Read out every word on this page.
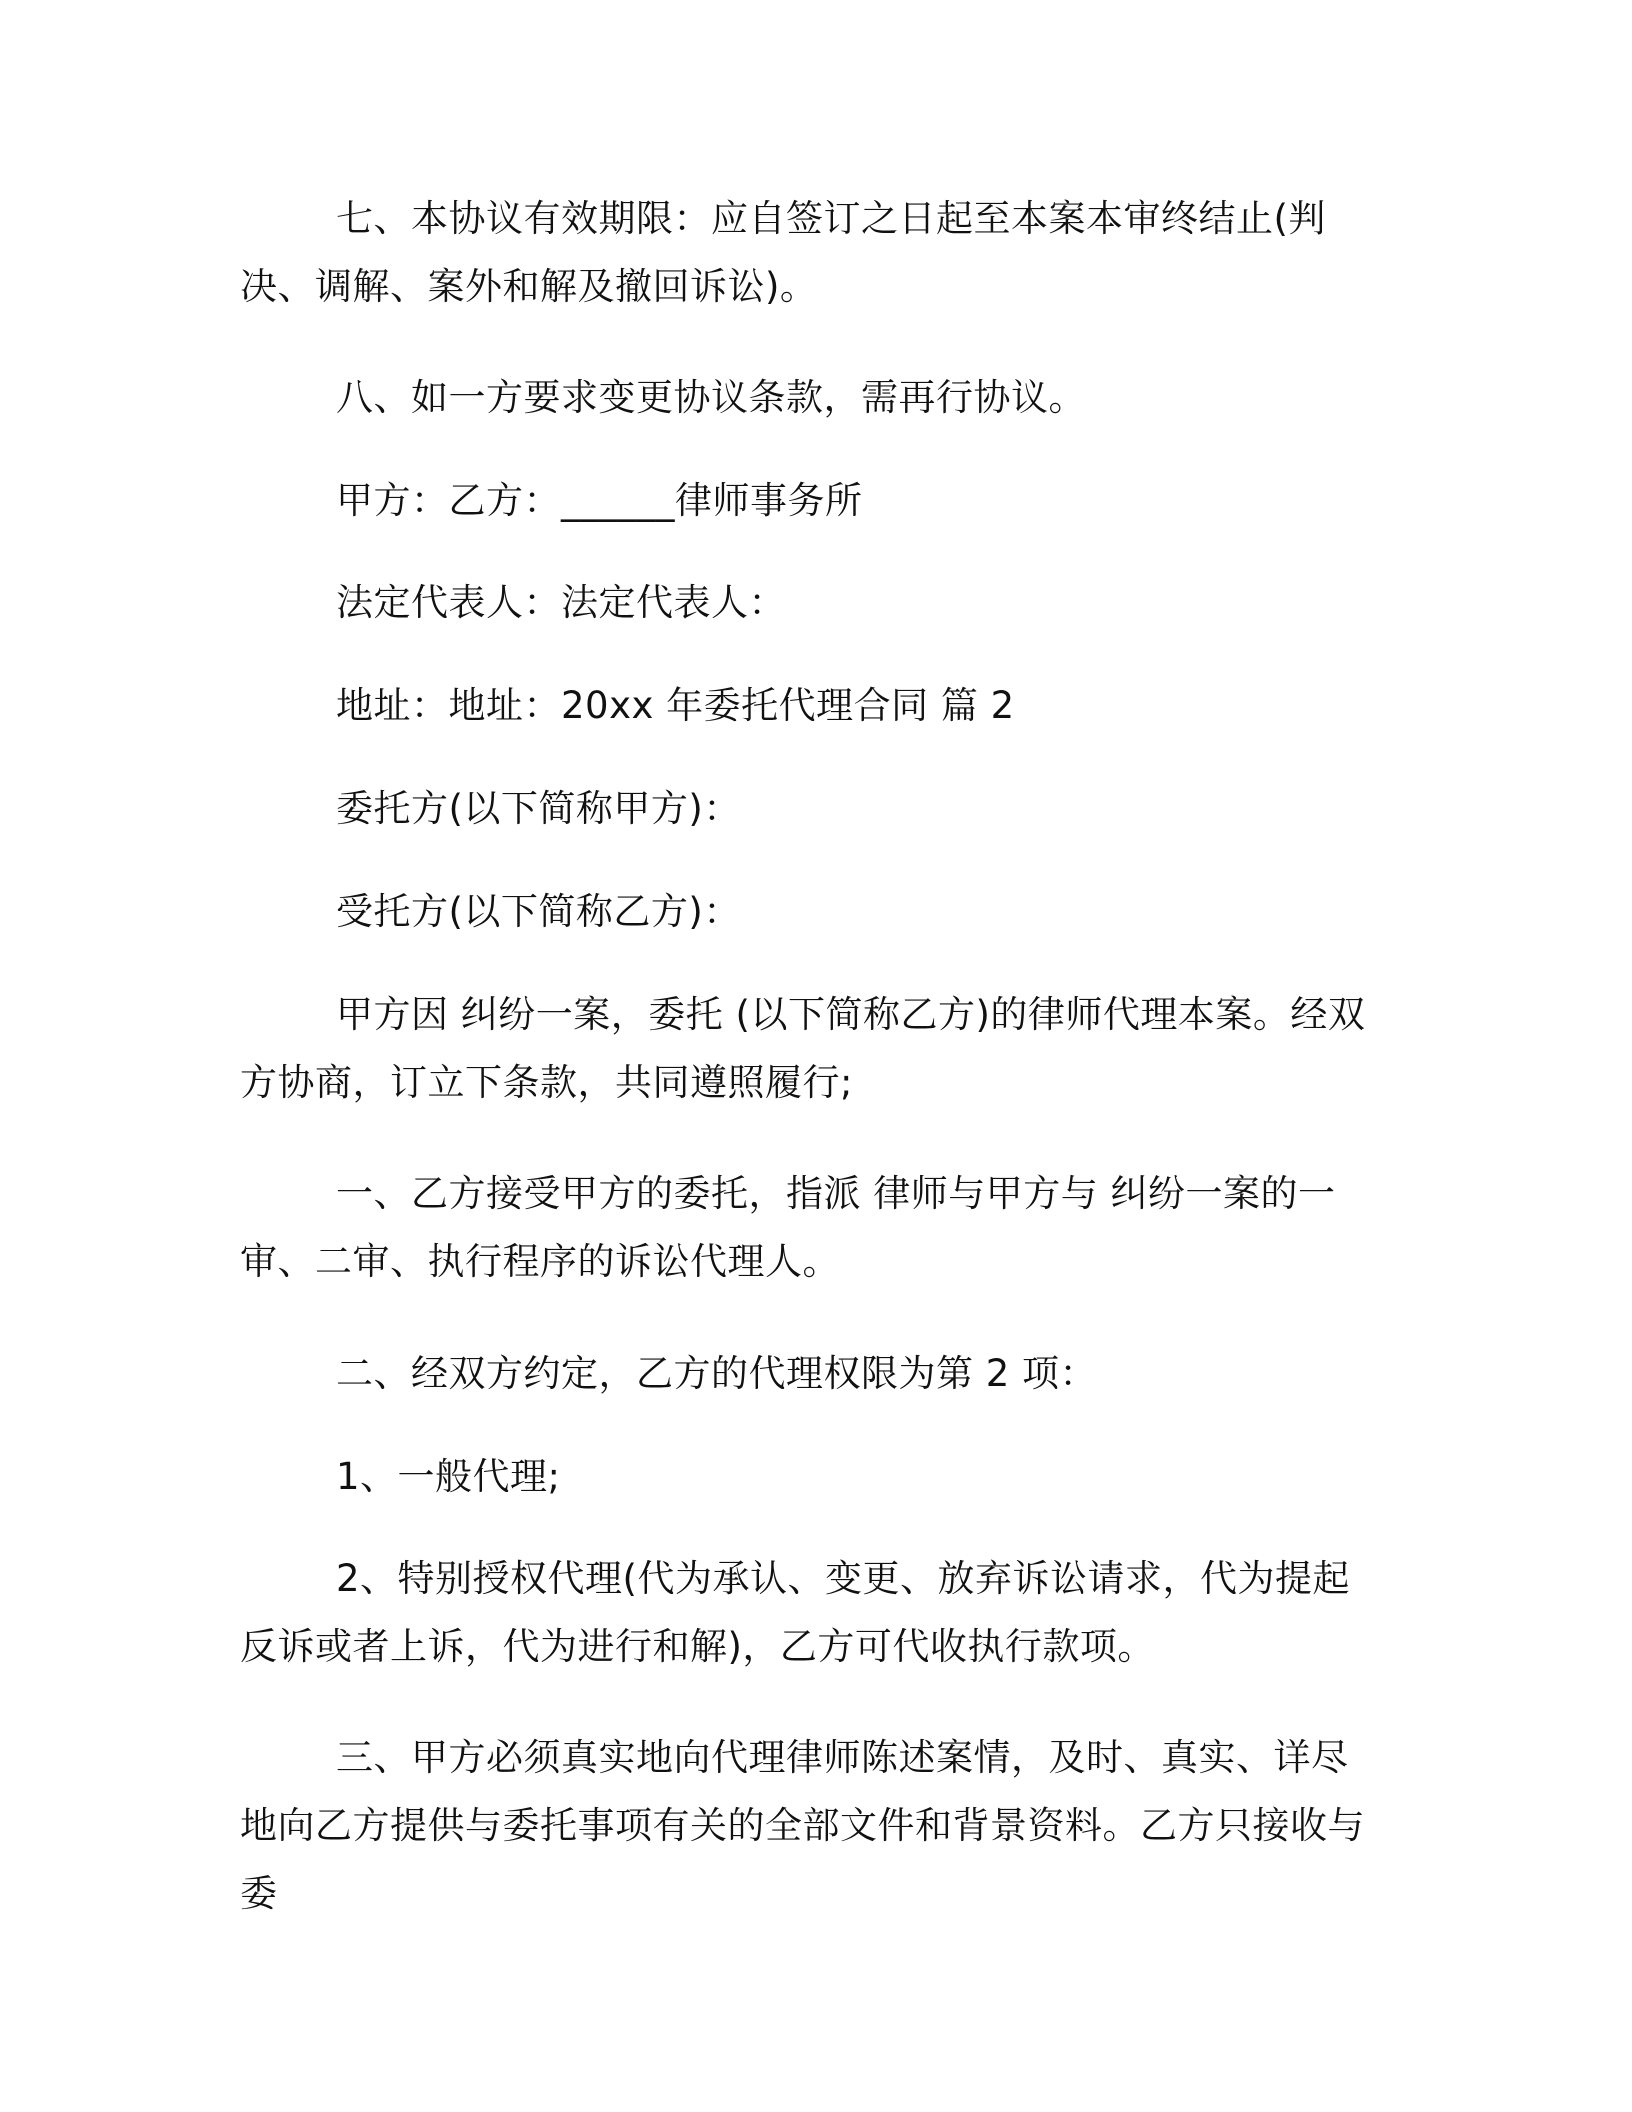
七、本协议有效期限：应自签订之日起至本案本审终结止(判决、调解、案外和解及撤回诉讼)。

八、如一方要求变更协议条款，需再行协议。

甲方：乙方：______律师事务所

法定代表人：法定代表人：

地址：地址：20xx 年委托代理合同 篇 2

委托方(以下简称甲方)：

受托方(以下简称乙方)：

甲方因 纠纷一案，委托 (以下简称乙方)的律师代理本案。经双方协商，订立下条款，共同遵照履行;

一、乙方接受甲方的委托，指派 律师与甲方与 纠纷一案的一审、二审、执行程序的诉讼代理人。

二、经双方约定，乙方的代理权限为第 2 项：

1、一般代理;

2、特别授权代理(代为承认、变更、放弃诉讼请求，代为提起反诉或者上诉，代为进行和解)，乙方可代收执行款项。

三、甲方必须真实地向代理律师陈述案情，及时、真实、详尽地向乙方提供与委托事项有关的全部文件和背景资料。乙方只接收与委
